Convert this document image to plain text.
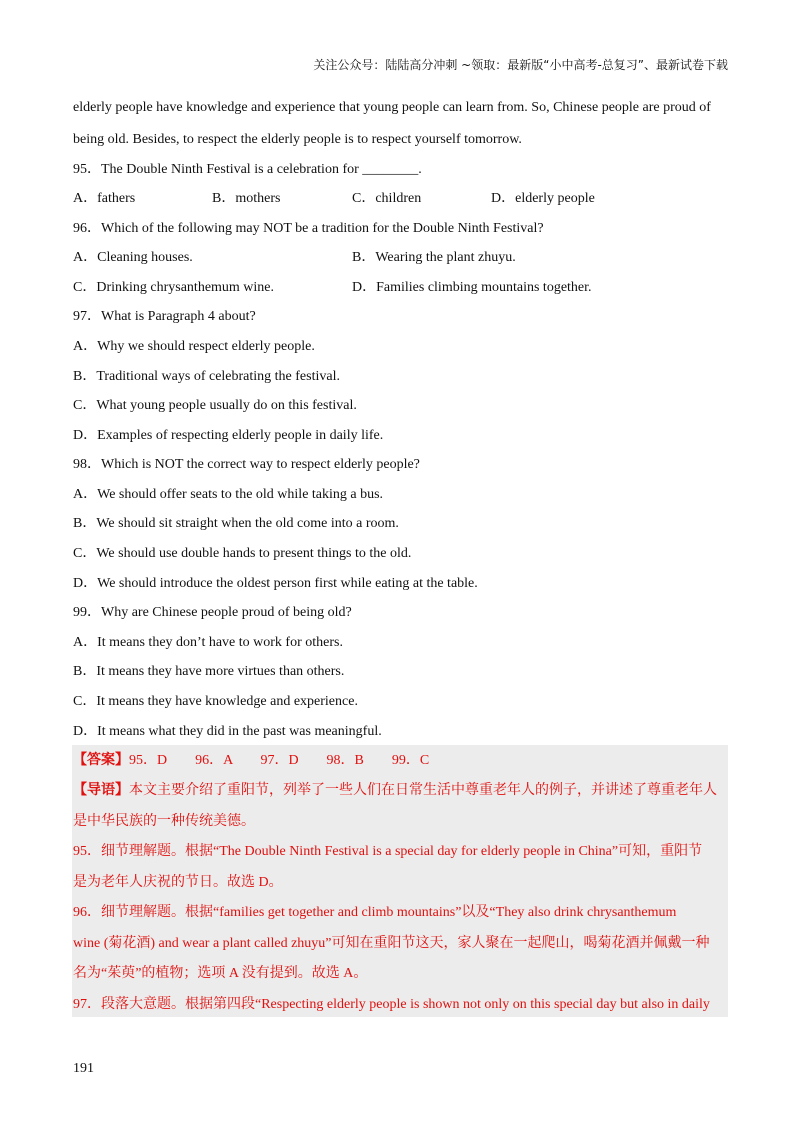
关注公众号：陆陆高分冲刺 ~领取：最新版“小中高考-总复习”、最新试卷下载
elderly people have knowledge and experience that young people can learn from. So, Chinese people are proud of
being old. Besides, to respect the elderly people is to respect yourself tomorrow.
95．The Double Ninth Festival is a celebration for ________.
A．fathers	B．mothers	C．children	D．elderly people
96．Which of the following may NOT be a tradition for the Double Ninth Festival?
A．Cleaning houses.	B．Wearing the plant zhuyu.
C．Drinking chrysanthemum wine.	D．Families climbing mountains together.
97．What is Paragraph 4 about?
A．Why we should respect elderly people.
B．Traditional ways of celebrating the festival.
C．What young people usually do on this festival.
D．Examples of respecting elderly people in daily life.
98．Which is NOT the correct way to respect elderly people?
A．We should offer seats to the old while taking a bus.
B．We should sit straight when the old come into a room.
C．We should use double hands to present things to the old.
D．We should introduce the oldest person first while eating at the table.
99．Why are Chinese people proud of being old?
A．It means they don’t have to work for others.
B．It means they have more virtues than others.
C．It means they have knowledge and experience.
D．It means what they did in the past was meaningful.
【答案】95．D　　96．A　　97．D　　98．B　　99．C
【导语】本文主要介绍了重阳节，列举了一些人们在日常生活中尊重老年人的例子，并讲述了尊重老年人
是中华民族的一种传统美德。
95．细节理解题。根据“The Double Ninth Festival is a special day for elderly people in China”可知，重阳节
是为老年人庆祝的节日。故选 D。
96．细节理解题。根据“families get together and climb mountains”以及“They also drink chrysanthemum
wine (菊花酒) and wear a plant called zhuyu”可知在重阳节这天，家人聚在一起爬山，喝菊花酒并佩戴一种
名为“茱萸”的植物；选项 A 没有提到。故选 A。
97．段落大意题。根据第四段“Respecting elderly people is shown not only on this special day but also in daily
191
